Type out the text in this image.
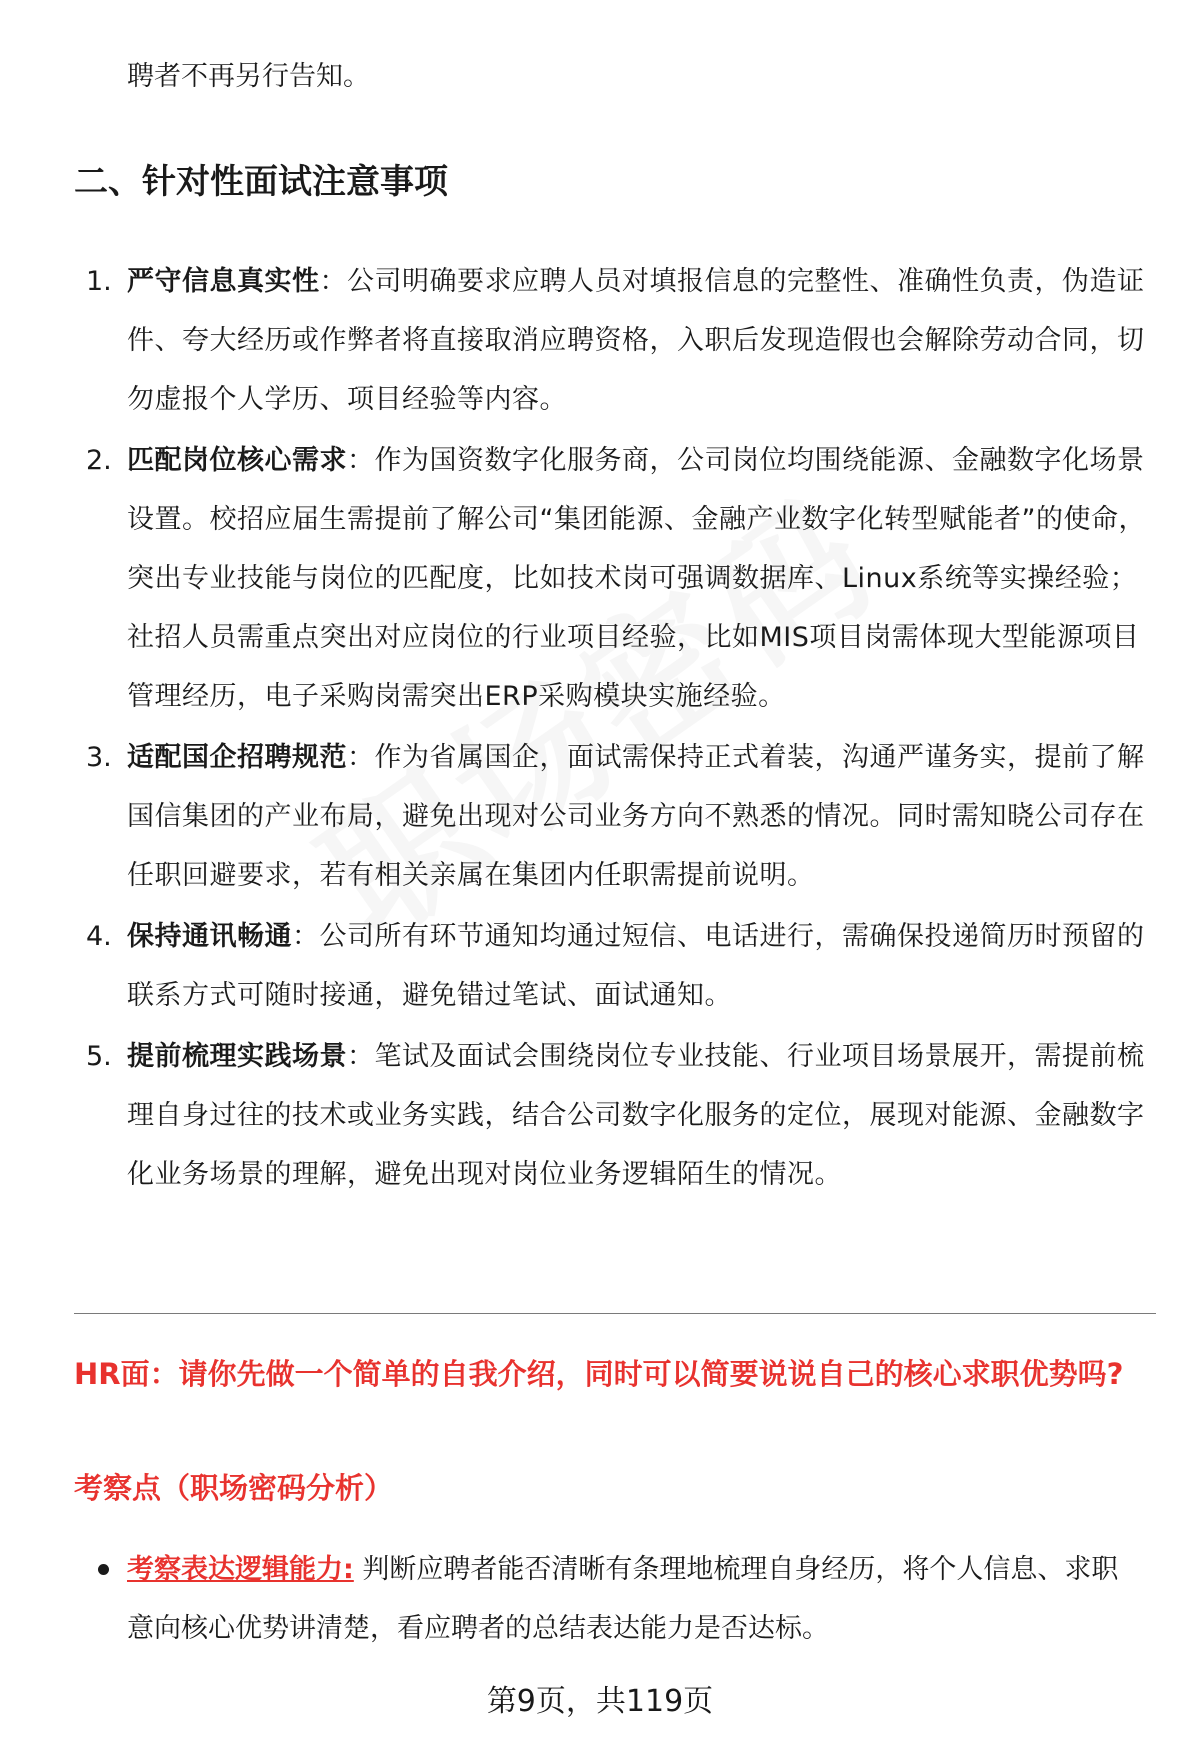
聘者不再另行告知。
二、针对性面试注意事项
1. 严守信息真实性：公司明确要求应聘人员对填报信息的完整性、准确性负责，伪造证件、夸大经历或作弊者将直接取消应聘资格，入职后发现造假也会解除劳动合同，切勿虚报个人学历、项目经验等内容。
2. 匹配岗位核心需求：作为国资数字化服务商，公司岗位均围绕能源、金融数字化场景设置。校招应届生需提前了解公司“集团能源、金融产业数字化转型赋能者”的使命，突出专业技能与岗位的匹配度，比如技术岗可强调数据库、Linux系统等实操经验；社招人员需重点突出对应岗位的行业项目经验，比如MIS项目岗需体现大型能源项目管理经历，电子采购岗需突出ERP采购模块实施经验。
3. 适配国企招聘规范：作为省属国企，面试需保持正式着装，沟通严谨务实，提前了解国信集团的产业布局，避免出现对公司业务方向不熟悉的情况。同时需知晓公司存在任职回避要求，若有相关亲属在集团内任职需提前说明。
4. 保持通讯畅通：公司所有环节通知均通过短信、电话进行，需确保投递简历时预留的联系方式可随时接通，避免错过笔试、面试通知。
5. 提前梳理实践场景：笔试及面试会围绕岗位专业技能、行业项目场景展开，需提前梳理自身过往的技术或业务实践，结合公司数字化服务的定位，展现对能源、金融数字化业务场景的理解，避免出现对岗位业务逻辑陌生的情况。
HR面：请你先做一个简单的自我介绍，同时可以简要说说自己的核心求职优势吗?
考察点（职场密码分析）
考察表达逻辑能力: 判断应聘者能否清晰有条理地梳理自身经历，将个人信息、求职意向核心优势讲清楚，看应聘者的总结表达能力是否达标。
第9页，共119页
